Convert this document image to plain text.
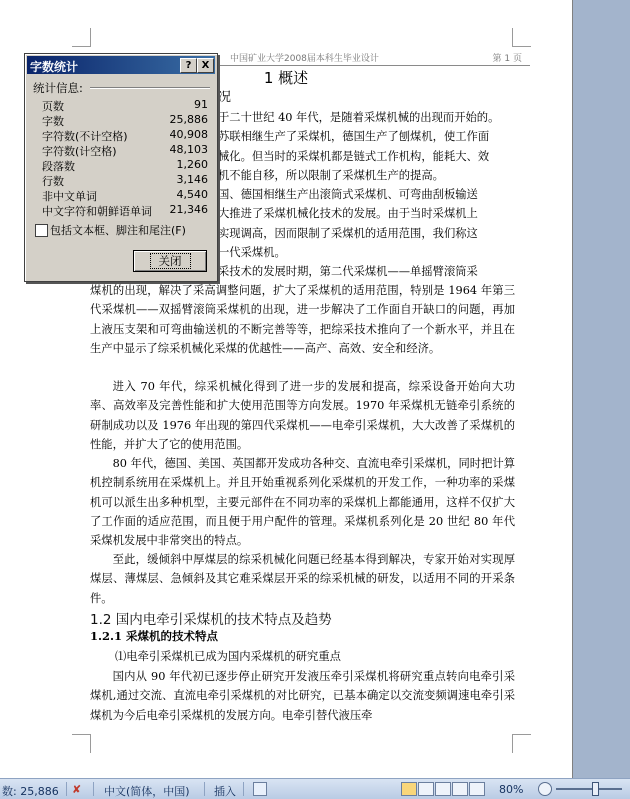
中国矿业大学2008届本科生毕业设计	第 1 页
1 概述
况
于二十世纪 40 年代，是随着采煤机械的出现而开始的。
苏联相继生产了采煤机，德国生产了刨煤机，使工作面
械化。但当时的采煤机都是链式工作机构，能耗大、效
机不能自移，所以限制了采煤机生产的提高。
国、德国相继生产出滚筒式采煤机、可弯曲刮板输送
大推进了采煤机械化技术的发展。由于当时采煤机上
实现调高，因而限制了采煤机的适用范围，我们称这
一代采煤机。
采技术的发展时期，第二代采煤机——单摇臂滚筒采
煤机的出现，解决了采高调整问题，扩大了采煤机的适用范围，特别是 1964 年第三代采煤机——双摇臂滚筒采煤机的出现，进一步解决了工作面自开缺口的问题，再加上液压支架和可弯曲输送机的不断完善等等，把综采技术推向了一个新水平，并且在生产中显示了综采机械化采煤的优越性——高产、高效、安全和经济。
进入 70 年代，综采机械化得到了进一步的发展和提高，综采设备开始向大功率、高效率及完善性能和扩大使用范围等方向发展。1970 年采煤机无链牵引系统的研制成功以及 1976 年出现的第四代采煤机——电牵引采煤机，大大改善了采煤机的性能，并扩大了它的使用范围。
80 年代，德国、美国、英国都开发成功各种交、直流电牵引采煤机，同时把计算机控制系统用在采煤机上。并且开始重视系列化采煤机的开发工作，一种功率的采煤机可以派生出多种机型，主要元部件在不同功率的采煤机上都能通用，这样不仅扩大了工作面的适应范围，而且便于用户配件的管理。采煤机系列化是 20 世纪 80 年代采煤机发展中非常突出的特点。
至此，缓倾斜中厚煤层的综采机械化问题已经基本得到解决，专家开始对实现厚煤层、薄煤层、急倾斜及其它难采煤层开采的综采机械的研发，以适用不同的开采条件。
1.2 国内电牵引采煤机的技术特点及趋势
1.2.1 采煤机的技术特点
⑴电牵引采煤机已成为国内采煤机的研究重点
国内从 90 年代初已逐步停止研究开发液压牵引采煤机将研究重点转向电牵引采煤机,通过交流、直流电牵引采煤机的对比研究，已基本确定以交流变频调速电牵引采煤机为今后电牵引采煤机的发展方向。电牵引替代液压牵
字数统计	?	X
统计信息:
页数	91
字数	25,886
字符数(不计空格)	40,908
字符数(计空格)	48,103
段落数	1,260
行数	3,146
非中文单词	4,540
中文字符和朝鲜语单词 21,346
包括文本框、脚注和尾注(F)
关闭
数: 25,886 ✘ 中文(简体，中国) 插入	80%
